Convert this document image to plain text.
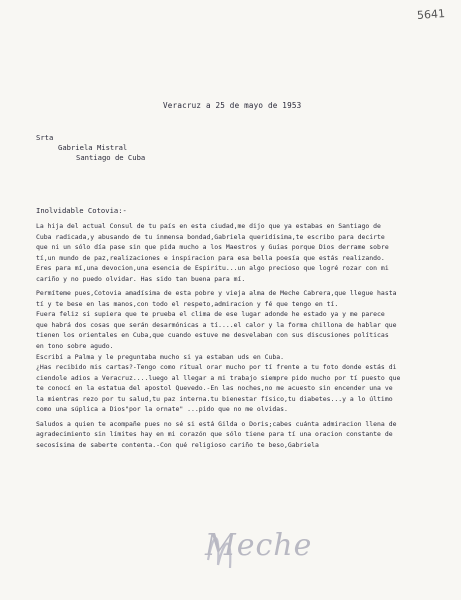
5641
Veracruz a 25 de mayo de 1953
Srta
Gabriela Mistral
Santiago de Cuba
Inolvidable Cotovia:-
La hija del actual Consul de tu país en esta ciudad,me dijo que ya estabas en Santiago de
Cuba radicada,y abusando de tu inmensa bondad,Gabriela queridísima,te escribo para decirte
que ni un sólo día pase sin que pida mucho a los Maestros y Guías porque Dios derrame sobre
tí,un mundo de paz,realizaciones e inspiracion para esa bella poesía que estás realizando.
Eres para mí,una devocion,una esencia de Espiritu...un algo precioso que logré rozar con mi
cariño y no puedo olvidar. Has sido tan buena para mí.
Permíteme pues,Cotovia amadísima de esta pobre y vieja alma de Meche Cabrera,que llegue hasta
tí y te bese en las manos,con todo el respeto,admiracion y fé que tengo en tí.
Fuera feliz si supiera que te prueba el clima de ese lugar adonde he estado ya y me parece
que habrá dos cosas que serán desarmónicas a tí....el calor y la forma chillona de hablar que
tienen los orientales en Cuba,que cuando estuve me desvelaban con sus discusiones políticas
en tono sobre agudo.
Escribí a Palma y le preguntaba mucho si ya estaban uds en Cuba.
¿Has recibido mis cartas?-Tengo como ritual orar mucho por tí frente a tu foto donde estás di
ciendole adios a Veracruz....luego al llegar a mi trabajo siempre pido mucho por tí puesto que
te conocí en la estatua del apostol Quevedo.-En las noches,no me acuesto sin encender una ve
la mientras rezo por tu salud,tu paz interna.tu bienestar físico,tu diabetes...y a lo último
como una súplica a Dios"por la ornate" ...pido que no me olvidas.
Saludos a quien te acompañe pues no sé si está Gilda o Doris;cabes cuánta admiracion llena de
agradecimiento sin límites hay en mi corazón que sólo tiene para tí una oracion constante de
secosísima de saberte contenta.-Con qué religioso cariño te beso,Gabriela
Meche
